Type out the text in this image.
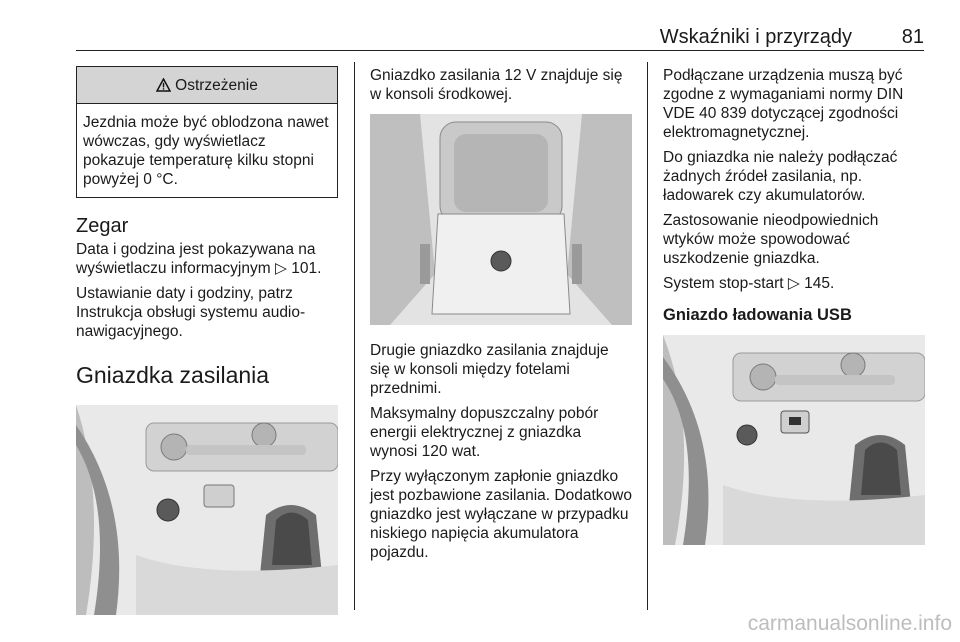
Wskaźniki i przyrządy 81
Ostrzeżenie
Jezdnia może być oblodzona nawet wówczas, gdy wyświetlacz pokazuje temperaturę kilku stopni powyżej 0 °C.
Zegar

Data i godzina jest pokazywana na wyświetlaczu informacyjnym ▷ 101.

Ustawianie daty i godziny, patrz Instrukcja obsługi systemu audio-nawigacyjnego.

Gniazdka zasilania

Gniazdko zasilania 12 V znajduje się w konsoli środkowej.

Drugie gniazdko zasilania znajduje się w konsoli między fotelami przednimi.

Maksymalny dopuszczalny pobór energii elektrycznej z gniazdka wynosi 120 wat.

Przy wyłączonym zapłonie gniazdko jest pozbawione zasilania. Dodatkowo gniazdko jest wyłączane w przypadku niskiego napięcia akumulatora pojazdu.

Podłączane urządzenia muszą być zgodne z wymaganiami normy DIN VDE 40 839 dotyczącej zgodności elektromagnetycznej.

Do gniazdka nie należy podłączać żadnych źródeł zasilania, np. ładowarek czy akumulatorów.

Zastosowanie nieodpowiednich wtyków może spowodować uszkodzenie gniazdka.

System stop-start ▷ 145.

Gniazdo ładowania USB
carmanualsonline.info
